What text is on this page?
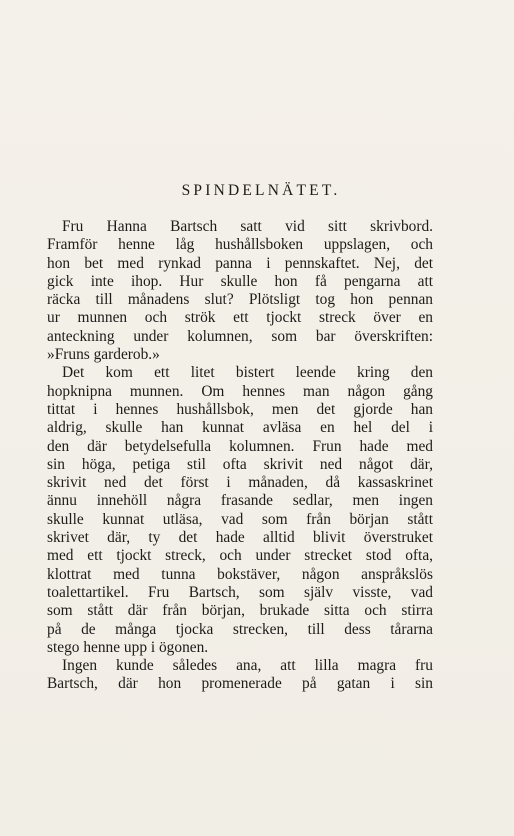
SPINDELNÄTET.
Fru Hanna Bartsch satt vid sitt skrivbord.
Framför henne låg hushållsboken uppslagen, och
hon bet med rynkad panna i pennskaftet. Nej, det
gick inte ihop. Hur skulle hon få pengarna att
räcka till månadens slut? Plötsligt tog hon pennan
ur munnen och strök ett tjockt streck över en
anteckning under kolumnen, som bar överskriften:
»Fruns garderob.»
Det kom ett litet bistert leende kring den
hopknipna munnen. Om hennes man någon gång
tittat i hennes hushållsbok, men det gjorde han
aldrig, skulle han kunnat avläsa en hel del i
den där betydelsefulla kolumnen. Frun hade med
sin höga, petiga stil ofta skrivit ned något där,
skrivit ned det först i månaden, då kassaskrinet
ännu innehöll några frasande sedlar, men ingen
skulle kunnat utläsa, vad som från början stått
skrivet där, ty det hade alltid blivit överstruket
med ett tjockt streck, och under strecket stod ofta,
klottrat med tunna bokstäver, någon anspråkslös
toalettartikel. Fru Bartsch, som själv visste, vad
som stått där från början, brukade sitta och stirra
på de många tjocka strecken, till dess tårarna
stego henne upp i ögonen.
Ingen kunde således ana, att lilla magra fru
Bartsch, där hon promenerade på gatan i sin
